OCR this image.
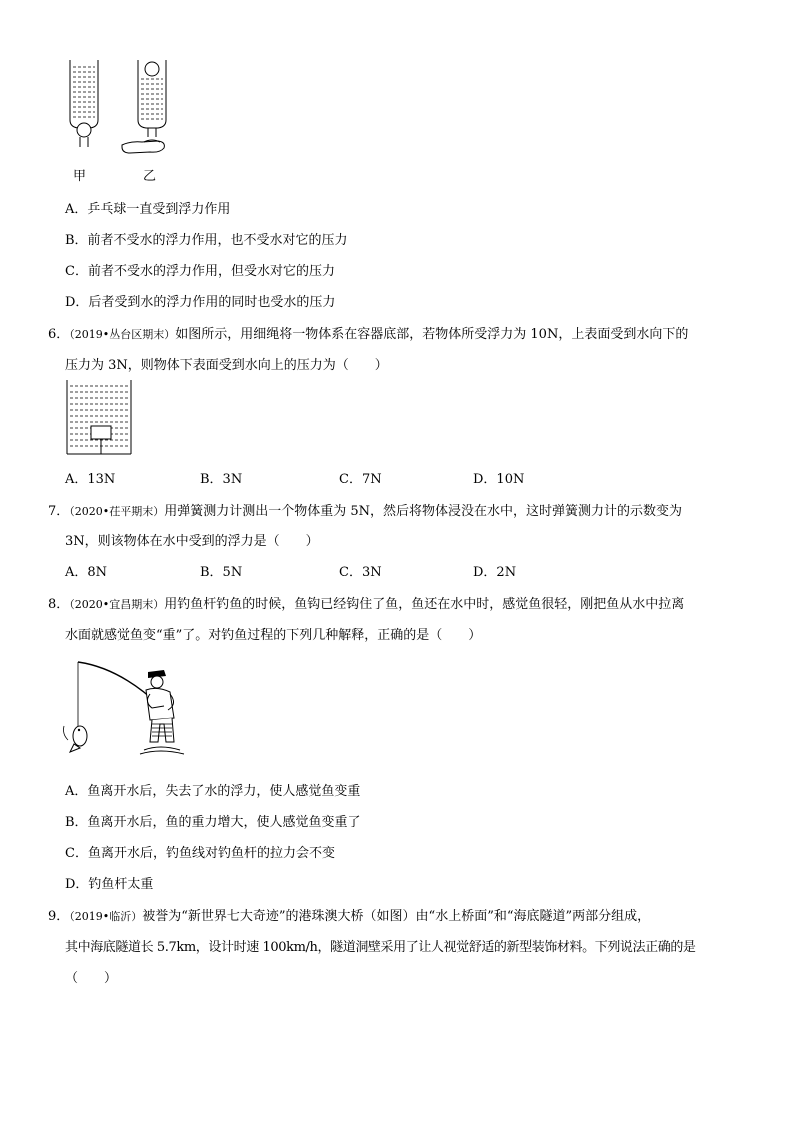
甲	乙
A．乒乓球一直受到浮力作用
B．前者不受水的浮力作用，也不受水对它的压力
C．前者不受水的浮力作用，但受水对它的压力
D．后者受到水的浮力作用的同时也受水的压力
6．（2019•丛台区期末）如图所示，用细绳将一物体系在容器底部，若物体所受浮力为 10N，上表面受到水向下的
压力为 3N，则物体下表面受到水向上的压力为（　　）
A．13N	B．3N	C．7N	D．10N
7．（2020•茌平期末）用弹簧测力计测出一个物体重为 5N，然后将物体浸没在水中，这时弹簧测力计的示数变为
3N，则该物体在水中受到的浮力是（　　）
A．8N	B．5N	C．3N	D．2N
8．（2020•宜昌期末）用钓鱼杆钓鱼的时候，鱼钩已经钩住了鱼，鱼还在水中时，感觉鱼很轻，刚把鱼从水中拉离
水面就感觉鱼变“重”了。对钓鱼过程的下列几种解释，正确的是（　　）
A．鱼离开水后，失去了水的浮力，使人感觉鱼变重
B．鱼离开水后，鱼的重力增大，使人感觉鱼变重了
C．鱼离开水后，钓鱼线对钓鱼杆的拉力会不变
D．钓鱼杆太重
9．（2019•临沂）被誉为“新世界七大奇迹”的港珠澳大桥（如图）由“水上桥面”和“海底隧道”两部分组成，
其中海底隧道长 5.7km，设计时速 100km/h，隧道洞壁采用了让人视觉舒适的新型装饰材料。下列说法正确的是
（　　）
